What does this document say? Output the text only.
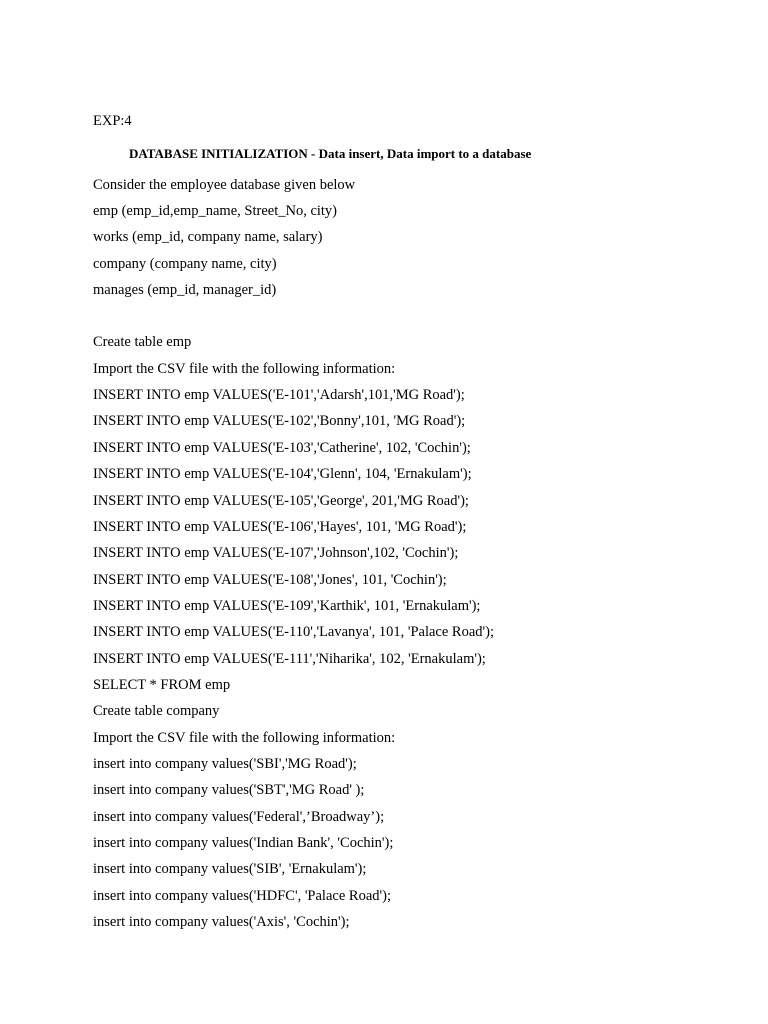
EXP:4
DATABASE INITIALIZATION - Data insert, Data import to a database
Consider the employee database given below
emp (emp_id,emp_name, Street_No, city)
works (emp_id, company name, salary)
company (company name, city)
manages (emp_id, manager_id)
Create table emp
Import the CSV file with the following information:
INSERT INTO emp VALUES('E-101','Adarsh',101,'MG Road');
INSERT INTO emp VALUES('E-102','Bonny',101, 'MG Road');
INSERT INTO emp VALUES('E-103','Catherine', 102, 'Cochin');
INSERT INTO emp VALUES('E-104','Glenn', 104, 'Ernakulam');
INSERT INTO emp VALUES('E-105','George', 201,'MG Road');
INSERT INTO emp VALUES('E-106','Hayes', 101, 'MG Road');
INSERT INTO emp VALUES('E-107','Johnson',102, 'Cochin');
INSERT INTO emp VALUES('E-108','Jones', 101, 'Cochin');
INSERT INTO emp VALUES('E-109','Karthik', 101, 'Ernakulam');
INSERT INTO emp VALUES('E-110','Lavanya', 101, 'Palace Road');
INSERT INTO emp VALUES('E-111','Niharika', 102, 'Ernakulam');
SELECT * FROM emp
Create table company
Import the CSV file with the following information:
insert into company values('SBI','MG Road');
insert into company values('SBT','MG Road' );
insert into company values('Federal',’Broadway’);
insert into company values('Indian Bank', 'Cochin');
insert into company values('SIB', 'Ernakulam');
insert into company values('HDFC', 'Palace Road');
insert into company values('Axis', 'Cochin');
